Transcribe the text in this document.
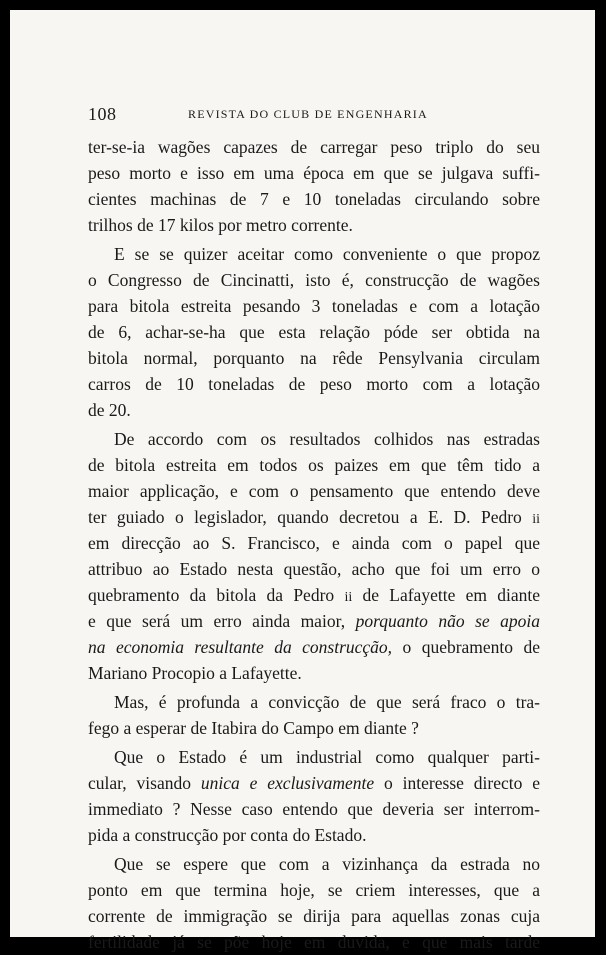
108	REVISTA DO CLUB DE ENGENHARIA
ter-se-ia wagões capazes de carregar peso triplo do seu
peso morto e isso em uma época em que se julgava suffi-
cientes machinas de 7 e 10 toneladas circulando sobre
trilhos de 17 kilos por metro corrente.
E se se quizer aceitar como conveniente o que propoz
o Congresso de Cincinatti, isto é, construcção de wagões
para bitola estreita pesando 3 toneladas e com a lotação
de 6, achar-se-ha que esta relação póde ser obtida na
bitola normal, porquanto na rêde Pensylvania circulam
carros de 10 toneladas de peso morto com a lotação
de 20.
De accordo com os resultados colhidos nas estradas
de bitola estreita em todos os paizes em que têm tido a
maior applicação, e com o pensamento que entendo deve
ter guiado o legislador, quando decretou a E. D. Pedro ii
em direcção ao S. Francisco, e ainda com o papel que
attribuo ao Estado nesta questão, acho que foi um erro o
quebramento da bitola da Pedro ii de Lafayette em diante
e que será um erro ainda maior, porquanto não se apoia
na economia resultante da construcção, o quebramento de
Mariano Procopio a Lafayette.
Mas, é profunda a convicção de que será fraco o tra-
fego a esperar de Itabira do Campo em diante ?
Que o Estado é um industrial como qualquer parti-
cular, visando unica e exclusivamente o interesse directo e
immediato ? Nesse caso entendo que deveria ser interrom-
pida a construcção por conta do Estado.
Que se espere que com a vizinhança da estrada no
ponto em que termina hoje, se criem interesses, que a
corrente de immigração se dirija para aquellas zonas cuja
fertilidade já se põe hoje em duvida, e que mais tarde
